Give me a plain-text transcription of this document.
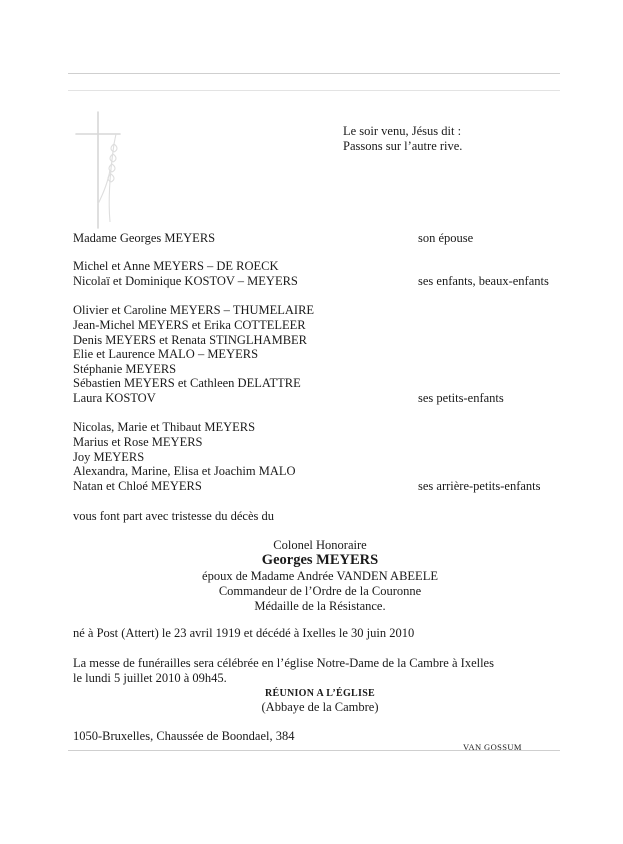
Le soir venu, Jésus dit :
Passons sur l’autre rive.
Madame Georges MEYERS	son épouse
Michel et Anne MEYERS – DE ROECK
Nicolaï et Dominique KOSTOV – MEYERS	ses enfants, beaux-enfants
Olivier et Caroline MEYERS – THUMELAIRE
Jean-Michel MEYERS et Erika COTTELEER
Denis MEYERS et Renata STINGLHAMBER
Elie et Laurence MALO – MEYERS
Stéphanie MEYERS
Sébastien MEYERS et Cathleen DELATTRE
Laura KOSTOV	ses petits-enfants
Nicolas, Marie et Thibaut MEYERS
Marius et Rose MEYERS
Joy MEYERS
Alexandra, Marine, Elisa et Joachim MALO
Natan et Chloé MEYERS	ses arrière-petits-enfants
vous font part avec tristesse du décès du
Colonel Honoraire
Georges MEYERS
époux de Madame Andrée VANDEN ABEELE
Commandeur de l’Ordre de la Couronne
Médaille de la Résistance.
né à Post (Attert) le 23 avril 1919 et décédé à Ixelles le 30 juin 2010
La messe de funérailles sera célébrée en l’église Notre-Dame de la Cambre à Ixelles
le lundi 5 juillet 2010 à 09h45.
RÉUNION A L’ÉGLISE
(Abbaye de la Cambre)
1050-Bruxelles, Chaussée de Boondael, 384
VAN GOSSUM
